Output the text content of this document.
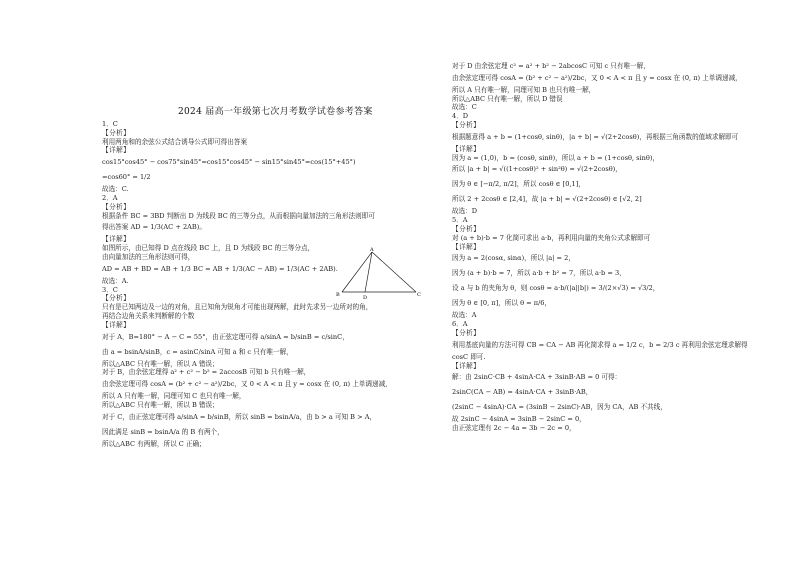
2024 届高一年级第七次月考数学试卷参考答案
1．C
【分析】
利用两角和的余弦公式结合诱导公式即可得出答案
【详解】
cos15°cos45° − cos75°sin45°=cos15°cos45° − sin15°sin45°=cos(15°+45°)
=cos60° = 1/2
故选：C.
2．A
【分析】
根据条件 BC = 3BD 判断出 D 为线段 BC 的三等分点，从而根据向量加法的三角形法则即可
得出答案 AD = 1/3(AC + 2AB)。
【详解】
如图所示，由已知得 D 点在线段 BC 上，且 D 为线段 BC 的三等分点，
由向量加法的三角形法则可得，
AD = AB + BD = AB + 1/3 BC = AB + 1/3(AC − AB) = 1/3(AC + 2AB).
故选：A.
3．C
【分析】
只有是已知两边及一边的对角，且已知角为锐角才可能出现两解，此时先求另一边所对的角，
再结合边角关系来判断解的个数
【详解】
对于 A，B=180° − A − C = 55°，由正弦定理可得 a/sinA = b/sinB = c/sinC，
由 a = bsinA/sinB，c = asinC/sinA 可知 a 和 c 只有唯一解，
所以△ABC 只有唯一解，所以 A 错误；
对于 B，由余弦定理得 a² + c² − b² = 2accosB 可知 b 只有唯一解，
由余弦定理可得 cosA = (b² + c² − a²)/2bc，又 0 < A < π 且 y = cosx 在 (0, π) 上单调递减，
所以 A 只有唯一解，同理可知 C 也只有唯一解，
所以△ABC 只有唯一解，所以 B 错误；
对于 C，由正弦定理可得 a/sinA = b/sinB，所以 sinB = bsinA/a，由 b > a 可知 B > A，
因此满足 sinB = bsinA/a 的 B 有两个，
所以△ABC 有两解，所以 C 正确；
A
B	C
D
对于 D 由余弦定理 c² = a² + b² − 2abcosC 可知 c 只有唯一解，
由余弦定理可得 cosA = (b² + c² − a²)/2bc，又 0 < A < π 且 y = cosx 在 (0, π) 上单调递减，
所以 A 只有唯一解，同理可知 B 也只有唯一解，
所以△ABC 只有唯一解，所以 D 错误
故选：C
4．D
【分析】
根据题意得 a + b = (1+cosθ, sinθ)，|a + b| = √(2+2cosθ)，再根据三角函数的值域求解即可
【详解】
因为 a = (1,0)，b = (cosθ, sinθ)，所以 a + b = (1+cosθ, sinθ)，
所以 |a + b| = √((1+cosθ)² + sin²θ) = √(2+2cosθ)，
因为 θ ∈ [−π/2, π/2]，所以 cosθ ∈ [0,1]，
所以 2 + 2cosθ ∈ [2,4]，故 |a + b| = √(2+2cosθ) ∈ [√2, 2]
故选：D
5．A
【分析】
对 (a + b)·b = 7 化简可求出 a·b，再利用向量的夹角公式求解即可
【详解】
因为 a = 2(cosα, sinα)，所以 |a| = 2，
因为 (a + b)·b = 7，所以 a·b + b² = 7，所以 a·b = 3，
设 a 与 b 的夹角为 θ，则 cosθ = a·b/(|a||b|) = 3/(2×√3) = √3/2，
因为 θ ∈ [0, π]，所以 θ = π/6，
故选：A
6．A
【分析】
利用基底向量的方法可得 CB = CA − AB 再化简求得 a = 1/2 c，b = 2/3 c 再利用余弦定理求解得
cosC 即可.
【详解】
解：由 2sinC·CB + 4sinA·CA + 3sinB·AB = 0 可得：
2sinC(CA − AB) = 4sinA·CA + 3sinB·AB，
(2sinC − 4sinA)·CA = (3sinB − 2sinC)·AB，因为 CA，AB 不共线，
故 2sinC − 4sinA = 3sinB − 2sinC = 0，
由正弦定理有 2c − 4a = 3b − 2c = 0，
